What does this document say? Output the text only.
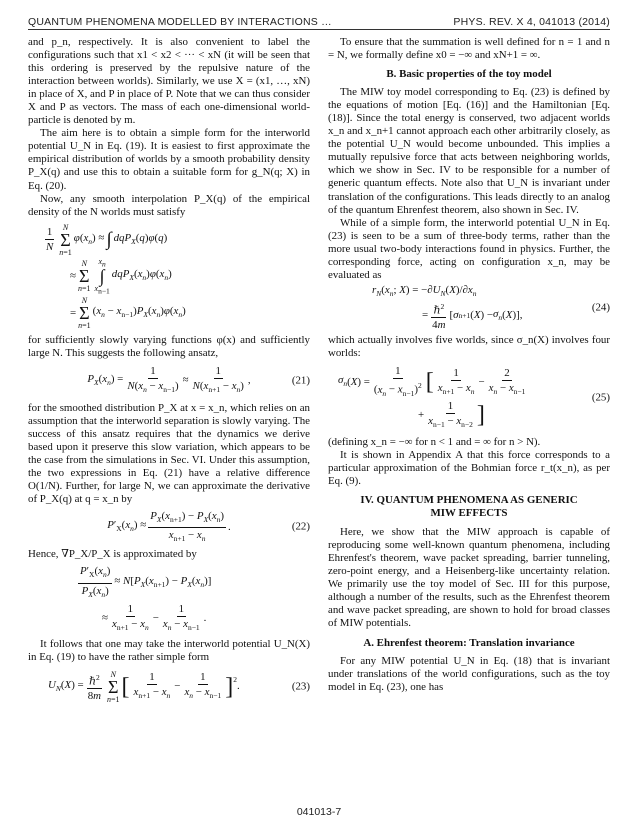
QUANTUM PHENOMENA MODELLED BY INTERACTIONS …	PHYS. REV. X 4, 041013 (2014)

and p_n, respectively. It is also convenient to label the configurations such that x1 < x2 < ··· < xN (it will be seen that this ordering is preserved by the repulsive nature of the interaction between worlds). Similarly, we use X = (x1, …, xN) in place of X, and P in place of P. Note that we can thus consider X and P as vectors. The mass of each one-dimensional world-particle is denoted by m.

The aim here is to obtain a simple form for the interworld potential U_N in Eq. (19). It is easiest to first approximate the empirical distribution of worlds by a smooth probability density P_X(q) and use this to obtain a suitable form for g_N(q; X) in Eq. (20).

Now, any smooth interpolation P_X(q) of the empirical density of the N worlds must satisfy

$\frac{1}{N}$ N
Σ
n=1
$\varphi(x_n)$ ≈ ∫ dqP$_X$(q)φ(q)
≈
N
Σ
n=1
$x_n$
∫
$x_{n-1}$
$dqP_X(x_n)\varphi(x_n)$
=
N
Σ
n=1
$(x_n - x_{n-1})P_X(x_n)\varphi(x_n)$

for sufficiently slowly varying functions φ(x) and sufficiently large N. This suggests the following ansatz,

$P_X(x_n) = \frac{1}{N(x_n - x_{n-1})} \approx \frac{1}{N(x_{n+1} - x_n)}$ ,	(21)

for the smoothed distribution P_X at x = x_n, which relies on an assumption that the interworld separation is slowly varying. The success of this ansatz requires that the dynamics we derive based upon it preserve this slow variation, which appears to be the case from the simulations in Sec. VI. Under this assumption, the two expressions in Eq. (21) have a relative difference O(1/N). Further, for large N, we can approximate the derivative of P_X(q) at q = x_n by

$P'_X(x_n) \approx \frac{P_X(x_{n+1}) - P_X(x_n)}{x_{n+1} - x_n}$ .	(22)

Hence, ∇P_X/P_X is approximated by

$\frac{P'_X(x_n)}{P_X(x_n)} \approx N[P_X(x_{n+1}) - P_X(x_n)]$
≈ $\frac{1}{x_{n+1} - x_n} - \frac{1}{x_n - x_{n-1}}$ .

It follows that one may take the interworld potential U_N(X) in Eq. (19) to have the rather simple form

$U_N(X) = \frac{\hbar^2}{8m}$ N
Σ
n=1 [ $\frac{1}{x_{n+1} - x_n} - \frac{1}{x_n - x_{n-1}} ]^2$
.	(23)

To ensure that the summation is well defined for n = 1 and n = N, we formally define x0 = −∞ and xN+1 = ∞.

B. Basic properties of the toy model

The MIW toy model corresponding to Eq. (23) is defined by the equations of motion [Eq. (16)] and the Hamiltonian [Eq. (18)]. Since the total energy is conserved, two adjacent worlds x_n and x_n+1 cannot approach each other arbitrarily closely, as the potential U_N would become unbounded. This implies a mutually repulsive force that acts between neighboring worlds, which we show in Sec. IV to be responsible for a number of generic quantum effects. Note also that U_N is invariant under translation of the configurations. This leads directly to an analog of the quantum Ehrenfest theorem, also shown in Sec. IV.

While of a simple form, the interworld potential U_N in Eq. (23) is seen to be a sum of three-body terms, rather than the more usual two-body interactions found in physics. Further, the corresponding force, acting on configuration x_n, may be evaluated as

$r_N(x_n$; $X) = -\partial U_N(X)/\partial x_n$
= $\frac{\hbar^2}{4m}$ [ σ n+1 ( X ) − $\sigma_n$ ( X )],
(24)

which actually involves five worlds, since σ_n(X) involves four worlds:

$\sigma_n$ ( X ) = $\frac{1}{(x_n - x_{n-1})^2}$ [ $\frac{1}{x_{n+1} - x_n} - \frac{2}{x_n - x_{n-1}}$
+ $\frac{1}{x_{n-1} - x_{n-2}}$ ]
(25)

(defining x_n = −∞ for n < 1 and = ∞ for n > N).

It is shown in Appendix A that this force corresponds to a particular approximation of the Bohmian force r_t(x_n), as per Eq. (9).

IV. QUANTUM PHENOMENA AS GENERIC MIW EFFECTS

Here, we show that the MIW approach is capable of reproducing some well-known quantum phenomena, including Ehrenfest's theorem, wave packet spreading, barrier tunneling, zero-point energy, and a Heisenberg-like uncertainty relation. We primarily use the toy model of Sec. III for this purpose, although a number of the results, such as the Ehrenfest theorem and wave packet spreading, are shown to hold for broad classes of MIW potentials.

A. Ehrenfest theorem: Translation invariance

For any MIW potential U_N in Eq. (18) that is invariant under translations of the world configurations, such as the toy model in Eq. (23), one has

041013-7
